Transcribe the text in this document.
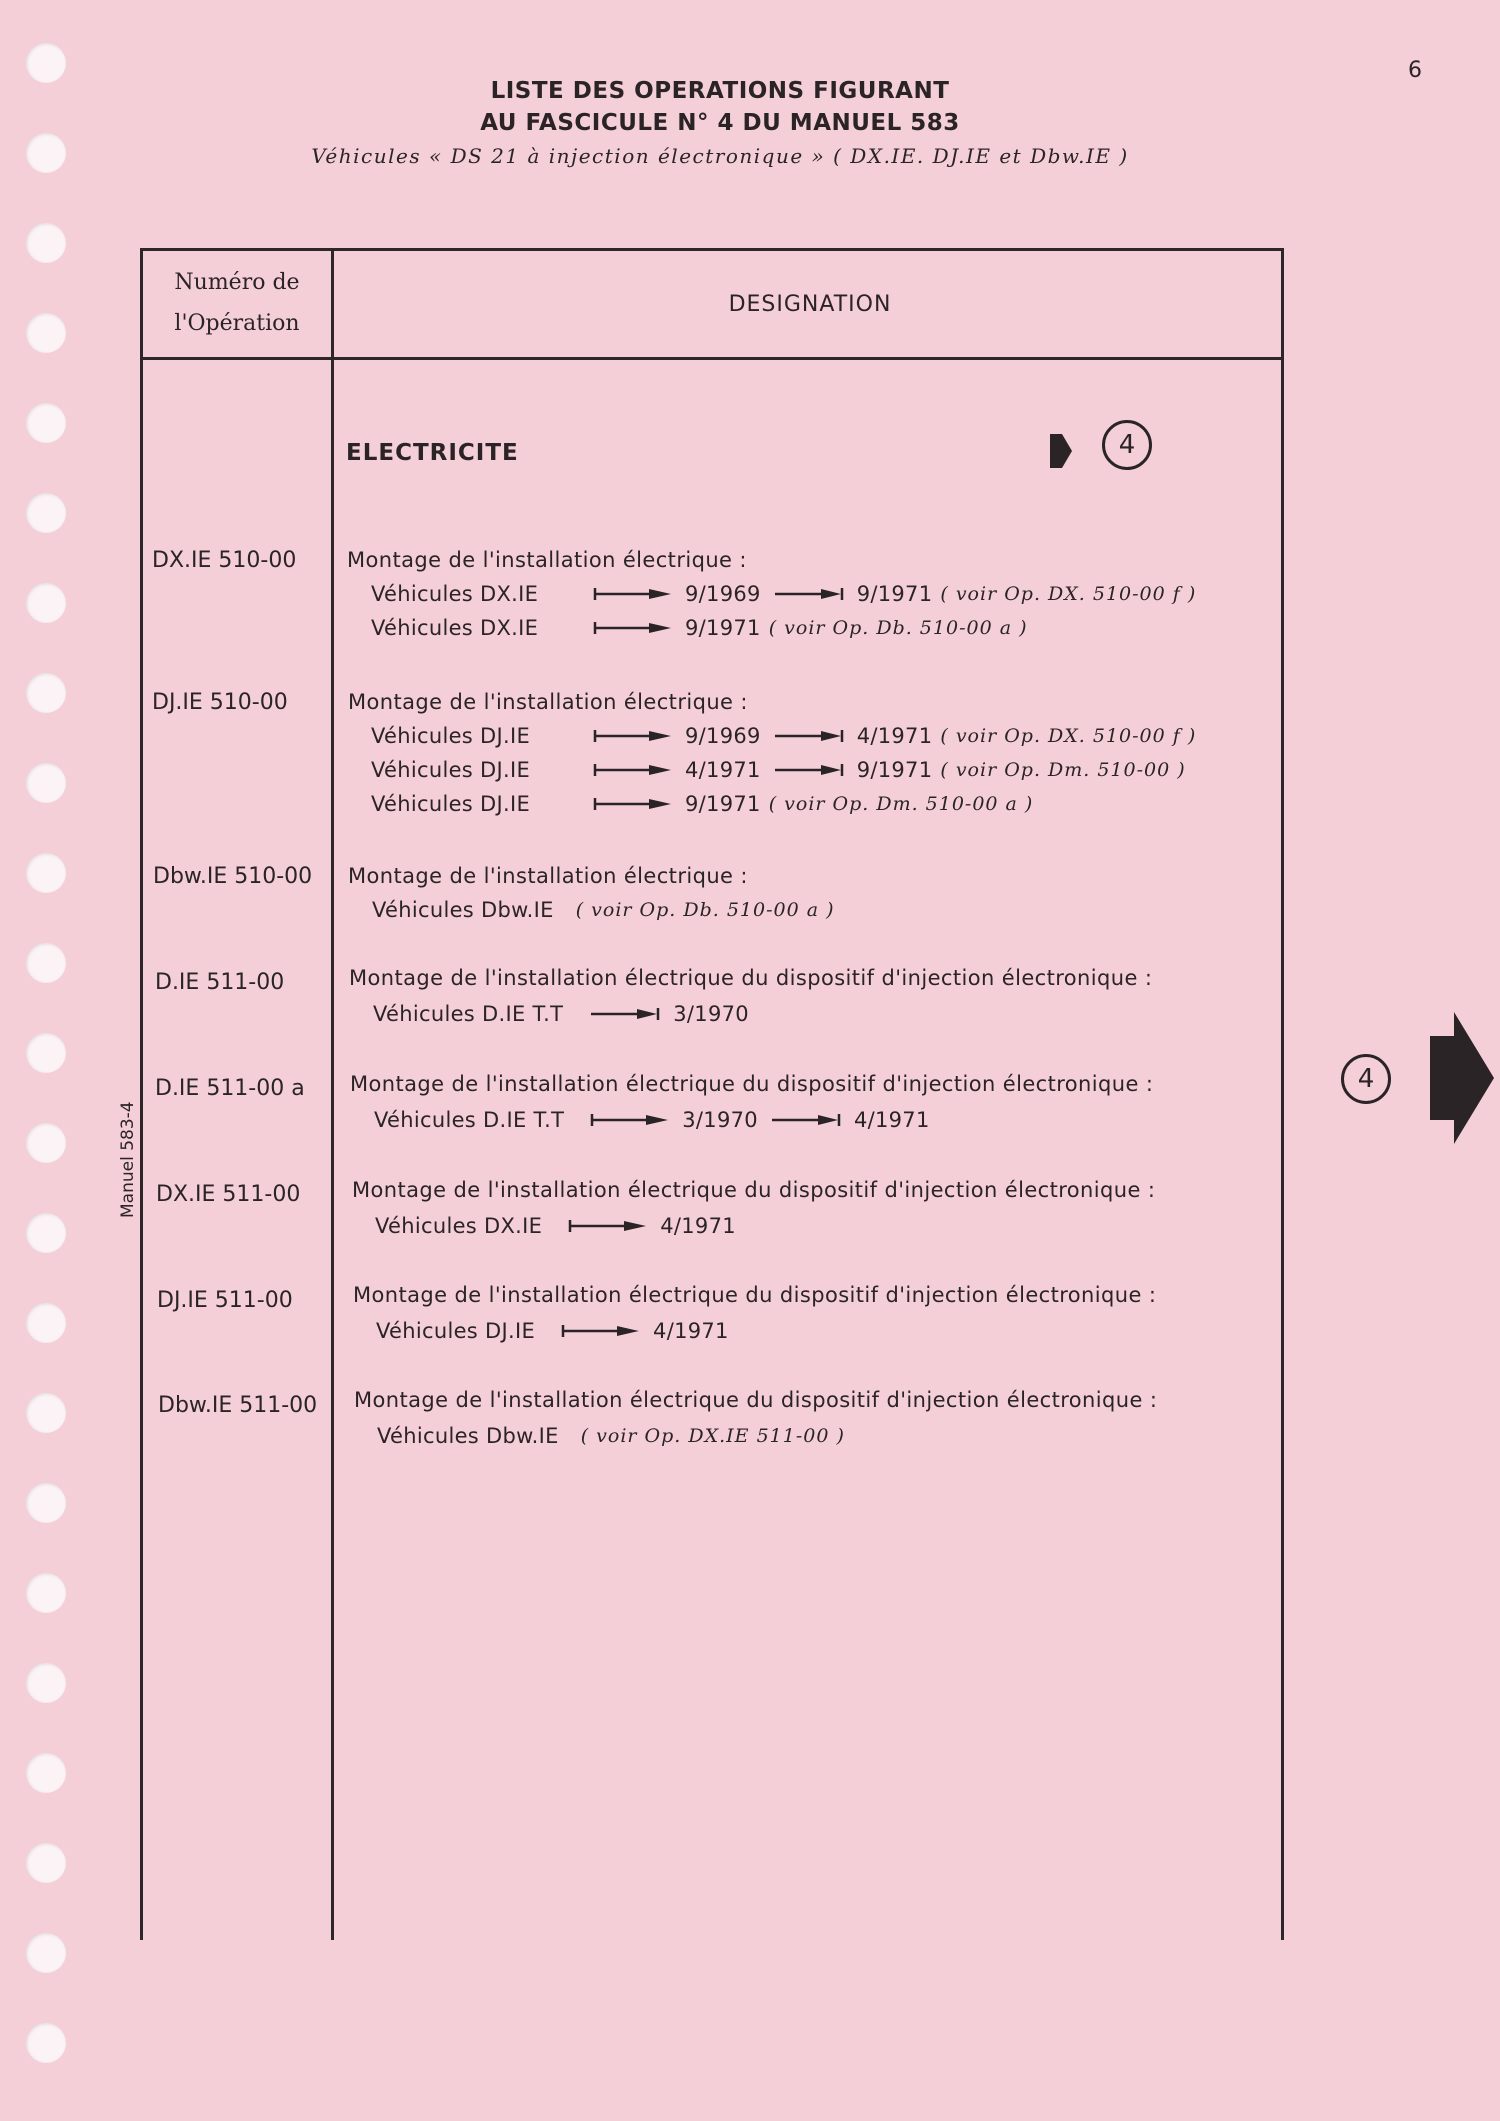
6
LISTE DES OPERATIONS FIGURANT
AU FASCICULE N° 4 DU MANUEL 583
Véhicules « DS 21 à injection électronique » ( DX.IE. DJ.IE et Dbw.IE )
Manuel 583-4
Numéro de l'Opération
DESIGNATION
ELECTRICITE	4
4
DX.IE 510-00 Montage de l'installation électrique :
Véhicules DX.IE	9/1969	9/1971 ( voir Op. DX. 510-00 f )
Véhicules DX.IE	9/1971 ( voir Op. Db. 510-00 a )
DJ.IE 510-00	Montage de l'installation électrique :
Véhicules DJ.IE	9/1969	4/1971 ( voir Op. DX. 510-00 f )
Véhicules DJ.IE	4/1971	9/1971 ( voir Op. Dm. 510-00 )
Véhicules DJ.IE	9/1971 ( voir Op. Dm. 510-00 a )
Dbw.IE 510-00 Montage de l'installation électrique :
Véhicules Dbw.IE ( voir Op. Db. 510-00 a )
D.IE 511-00	Montage de l'installation électrique du dispositif d'injection électronique :
Véhicules D.IE T.T	3/1970
D.IE 511-00 a Montage de l'installation électrique du dispositif d'injection électronique :
Véhicules D.IE T.T	3/1970	4/1971
DX.IE 511-00 Montage de l'installation électrique du dispositif d'injection électronique :
Véhicules DX.IE	4/1971
DJ.IE 511-00	Montage de l'installation électrique du dispositif d'injection électronique :
Véhicules DJ.IE	4/1971
Dbw.IE 511-00 Montage de l'installation électrique du dispositif d'injection électronique :
Véhicules Dbw.IE ( voir Op. DX.IE 511-00 )
